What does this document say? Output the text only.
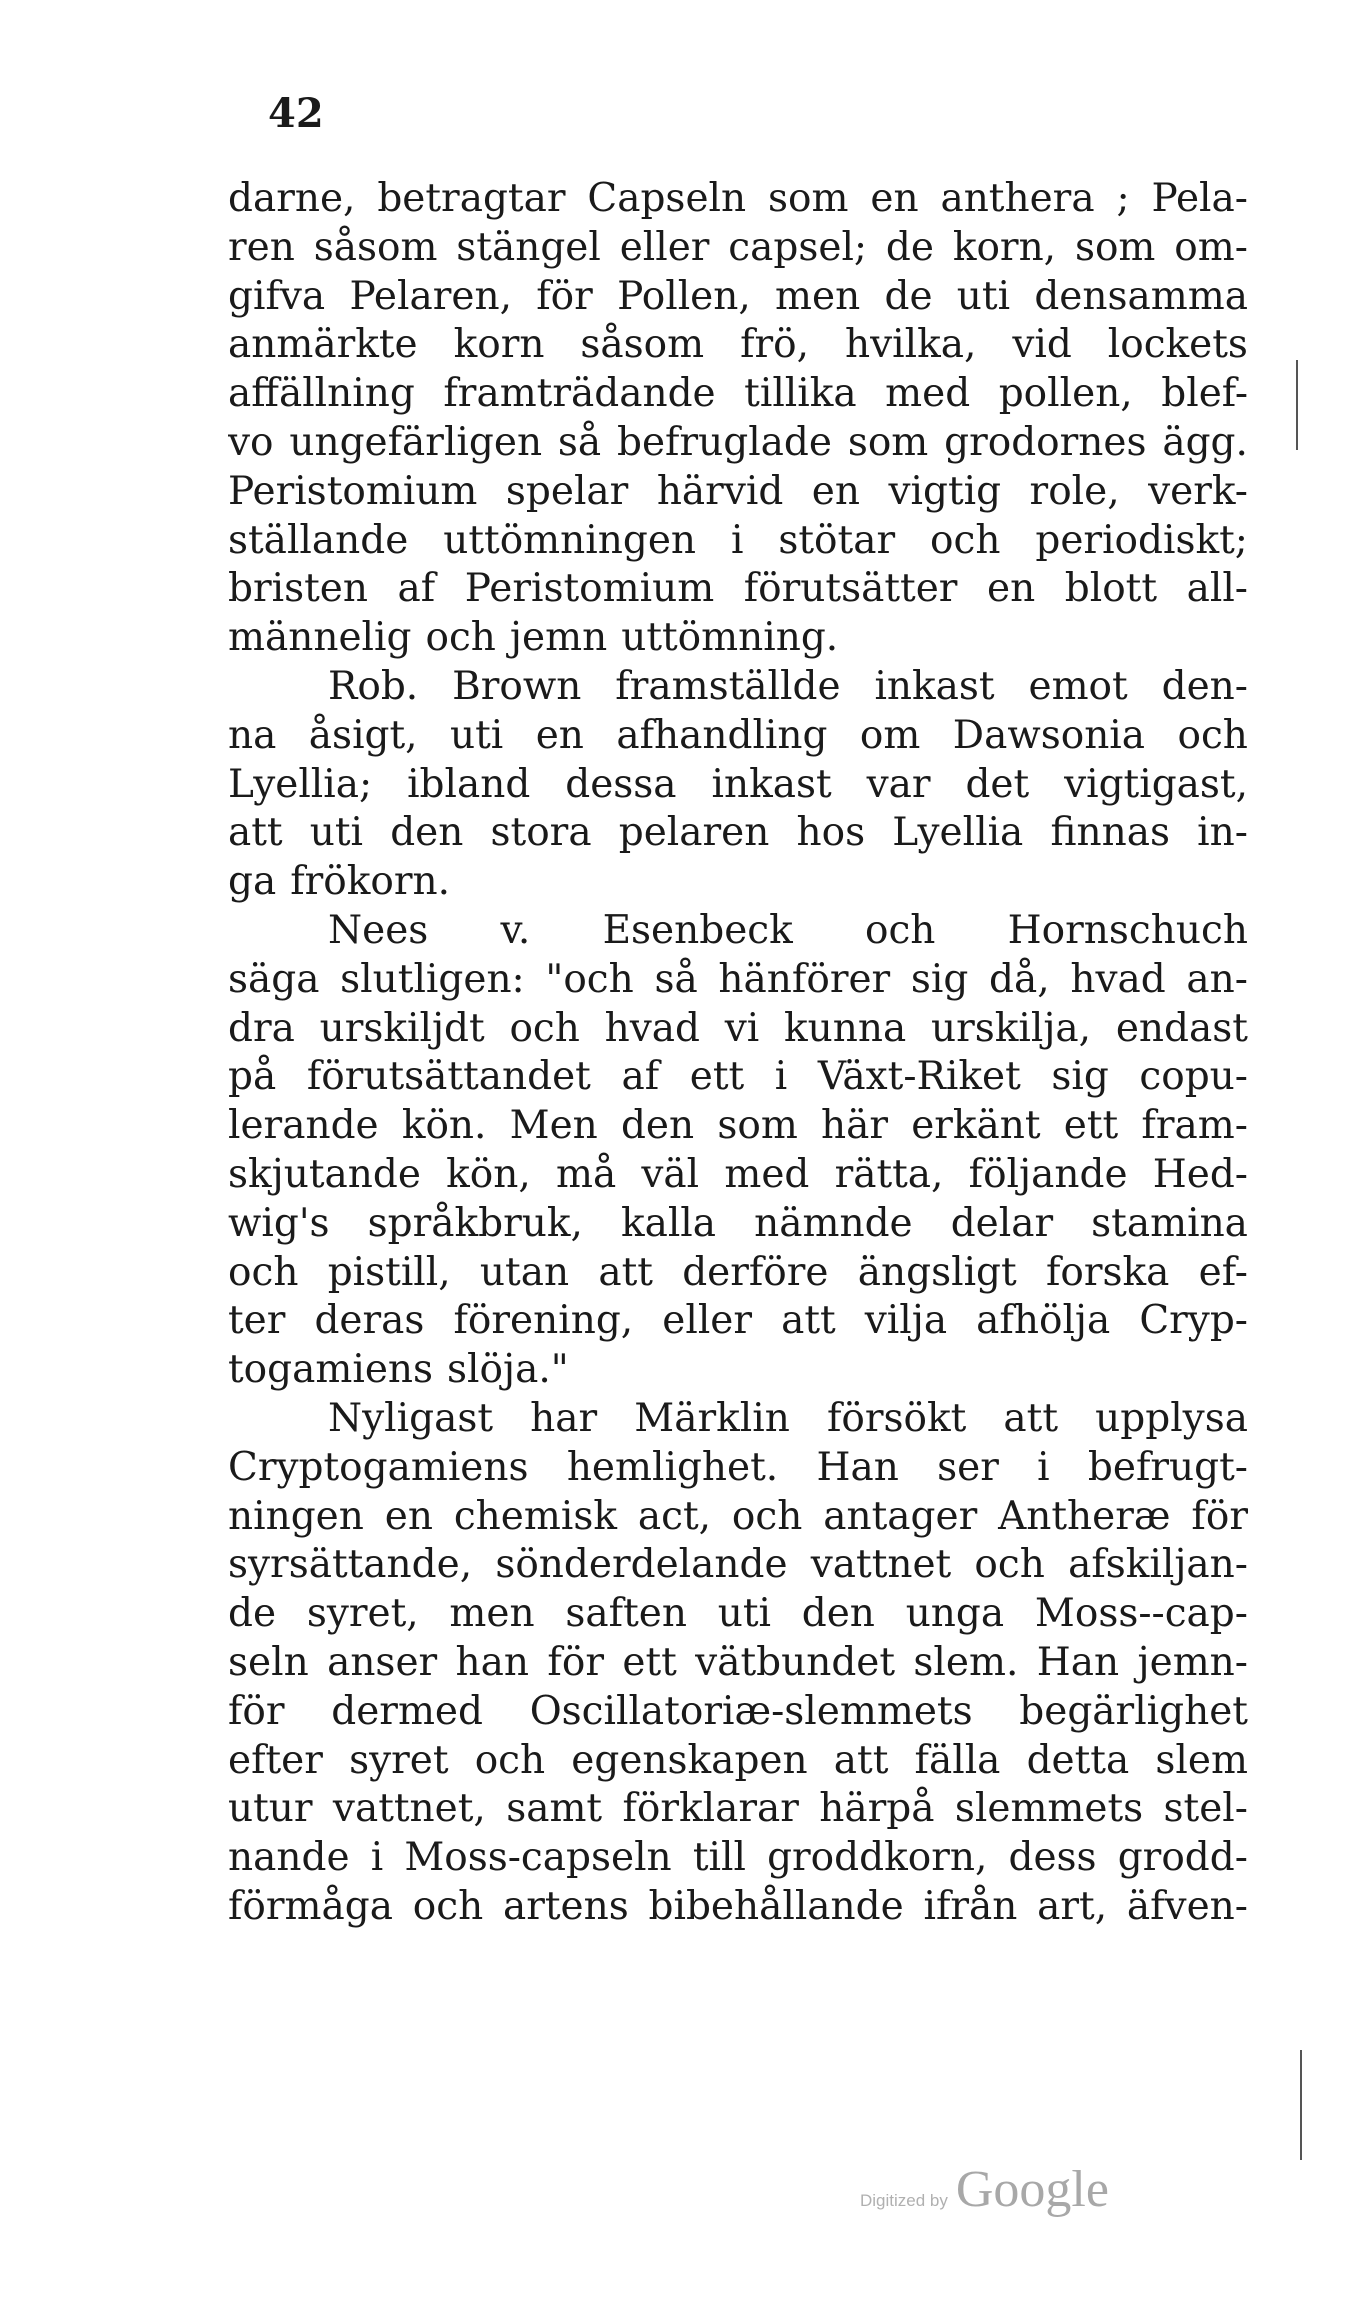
42
darne, betragtar Capseln som en anthera ; Pela-
ren såsom stängel eller capsel; de korn, som om-
gifva Pelaren, för Pollen, men de uti densamma
anmärkte korn såsom frö, hvilka, vid lockets
affällning framträdande tillika med pollen, blef-
vo ungefärligen så befruglade som grodornes ägg.
Peristomium spelar härvid en vigtig role, verk-
ställande uttömningen i stötar och periodiskt;
bristen af Peristomium förutsätter en blott all-
männelig och jemn uttömning.
Rob. Brown framställde inkast emot den-
na åsigt, uti en afhandling om Dawsonia och
Lyellia; ibland dessa inkast var det vigtigast,
att uti den stora pelaren hos Lyellia finnas in-
ga frökorn.
Nees v. Esenbeck och Hornschuch
säga slutligen: "och så hänförer sig då, hvad an-
dra urskiljdt och hvad vi kunna urskilja, endast
på förutsättandet af ett i Växt-Riket sig copu-
lerande kön. Men den som här erkänt ett fram-
skjutande kön, må väl med rätta, följande Hed-
wig's språkbruk, kalla nämnde delar stamina
och pistill, utan att derföre ängsligt forska ef-
ter deras förening, eller att vilja afhölja Cryp-
togamiens slöja."
Nyligast har Märklin försökt att upplysa
Cryptogamiens hemlighet. Han ser i befrugt-
ningen en chemisk act, och antager Antheræ för
syrsättande, sönderdelande vattnet och afskiljan-
de syret, men saften uti den unga Moss--cap-
seln anser han för ett vätbundet slem. Han jemn-
för dermed Oscillatoriæ-slemmets begärlighet
efter syret och egenskapen att fälla detta slem
utur vattnet, samt förklarar härpå slemmets stel-
nande i Moss-capseln till groddkorn, dess grodd-
förmåga och artens bibehållande ifrån art, äfven-
Digitized by Google
